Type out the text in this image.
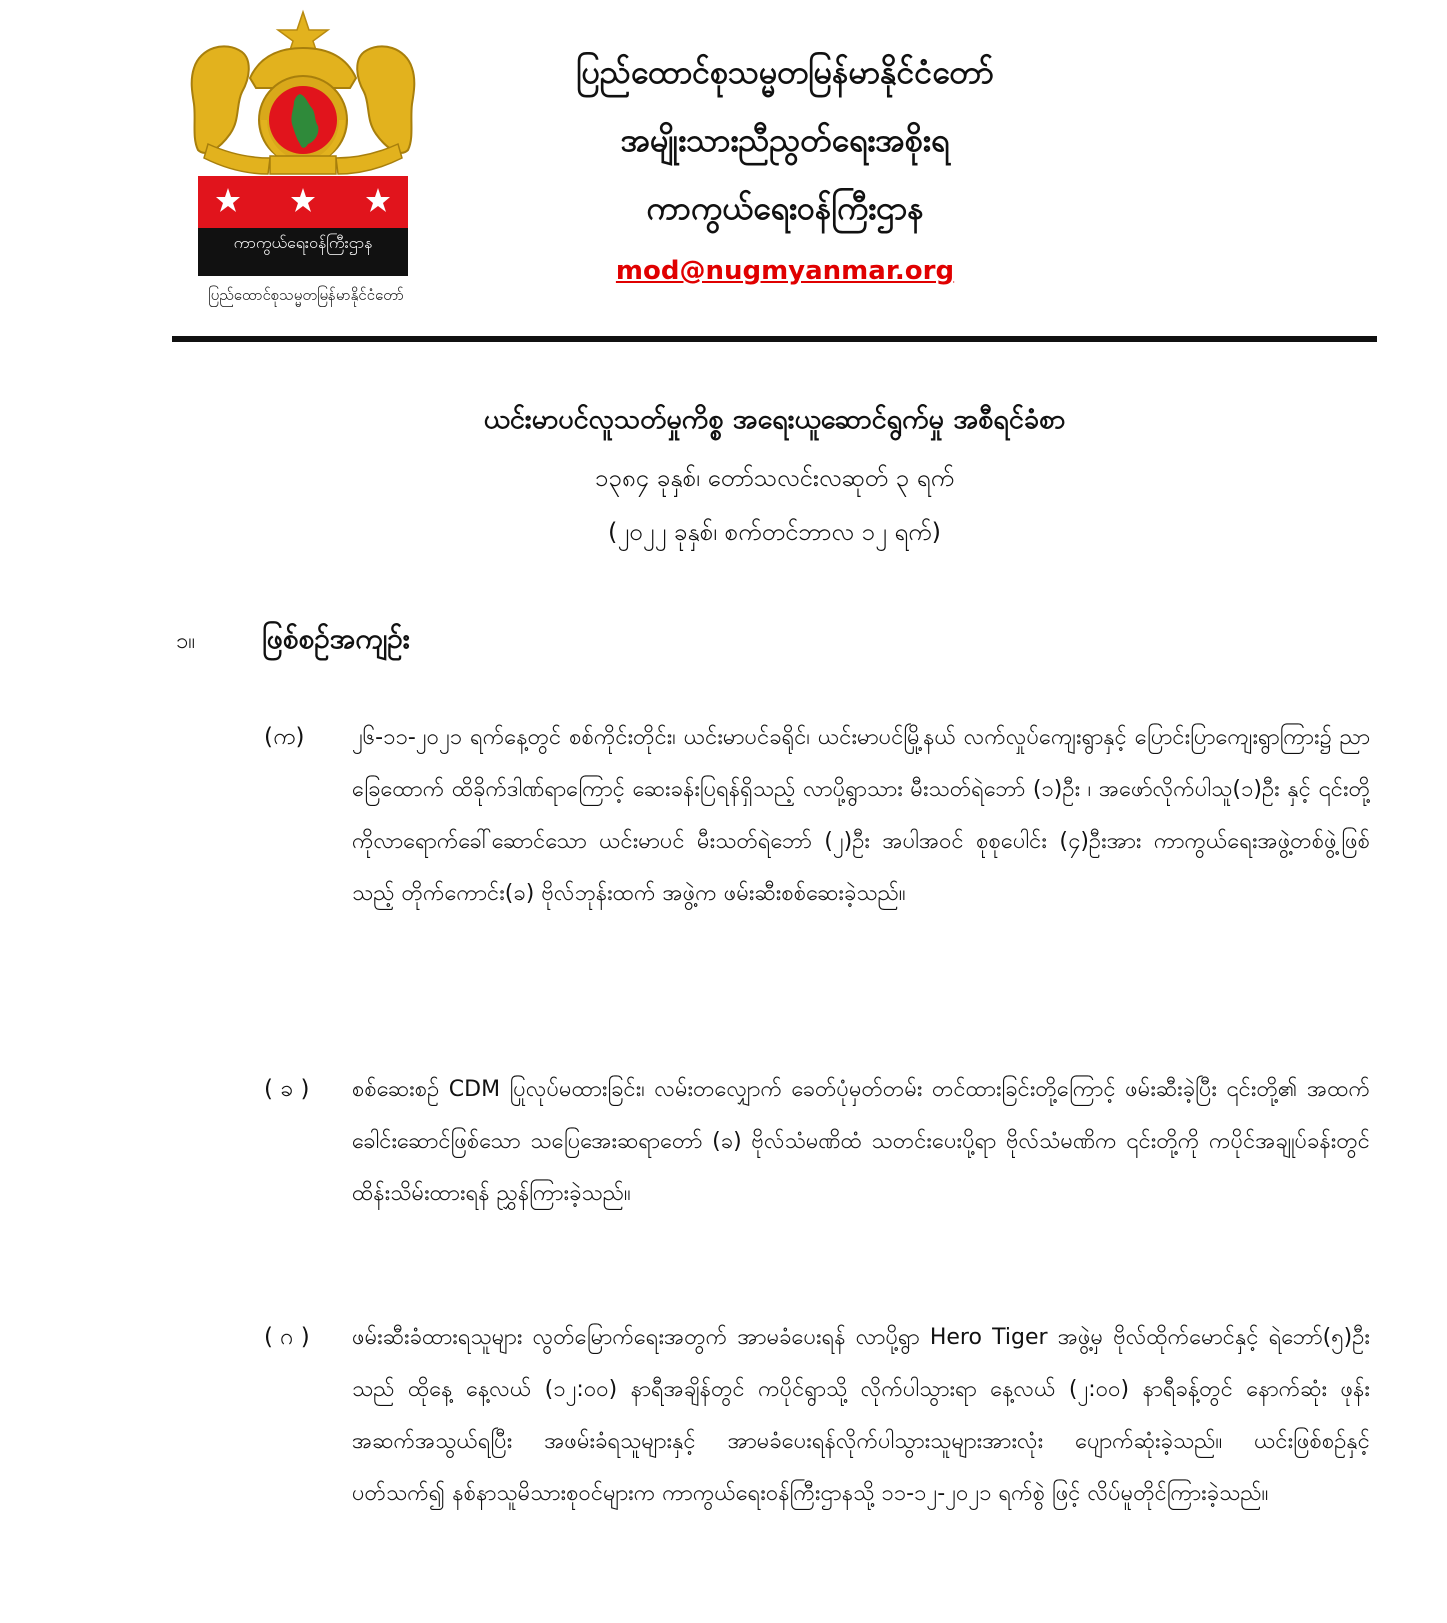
ကာကွယ်ရေးဝန်ကြီးဌာန
ပြည်ထောင်စုသမ္မတမြန်မာနိုင်ငံတော်
ပြည်ထောင်စုသမ္မတမြန်မာနိုင်ငံတော်
အမျိုးသားညီညွတ်ရေးအစိုးရ
ကာကွယ်ရေးဝန်ကြီးဌာန
mod@nugmyanmar.org
ယင်းမာပင်လူသတ်မှုကိစ္စ အရေးယူဆောင်ရွက်မှု အစီရင်ခံစာ
၁၃၈၄ ခုနှစ်၊ တော်သလင်းလဆုတ် ၃ ရက်
(၂၀၂၂ ခုနှစ်၊ စက်တင်ဘာလ ၁၂ ရက်)
၁။ ဖြစ်စဉ်အကျဉ်း
(က) ၂၆-၁၁-၂၀၂၁ ရက်နေ့တွင် စစ်ကိုင်းတိုင်း၊ ယင်းမာပင်ခရိုင်၊ ယင်းမာပင်မြို့နယ် လက်လှုပ်ကျေးရွာနှင့် ပြောင်းပြာကျေးရွာကြား၌ ညာခြေထောက် ထိခိုက်ဒါဏ်ရာကြောင့် ဆေးခန်းပြရန်ရှိသည့် လာပို့ရွာသား မီးသတ်ရဲဘော် (၁)ဦး ၊ အဖော်လိုက်ပါသူ(၁)ဦး နှင့် ၎င်းတို့ကိုလာရောက်ခေါ်ဆောင်သော ယင်းမာပင် မီးသတ်ရဲဘော် (၂)ဦး အပါအဝင် စုစုပေါင်း (၄)ဦးအား ကာကွယ်ရေးအဖွဲ့တစ်ဖွဲ့ဖြစ်သည့် တိုက်ကောင်း(ခ) ဗိုလ်ဘုန်းထက် အဖွဲ့က ဖမ်းဆီးစစ်ဆေးခဲ့သည်။
( ခ ) စစ်ဆေးစဉ် CDM ပြုလုပ်မထားခြင်း၊ လမ်းတလျှောက် ခေတ်ပုံမှတ်တမ်း တင်ထားခြင်းတို့ကြောင့် ဖမ်းဆီးခဲ့ပြီး ၎င်းတို့၏ အထက်ခေါင်းဆောင်ဖြစ်သော သပြေအေးဆရာတော် (ခ) ဗိုလ်သံမဏိထံ သတင်းပေးပို့ရာ ဗိုလ်သံမဏိက ၎င်းတို့ကို ကပိုင်အချုပ်ခန်းတွင် ထိန်းသိမ်းထားရန် ညွှန်ကြားခဲ့သည်။
( ဂ ) ဖမ်းဆီးခံထားရသူများ လွတ်မြောက်ရေးအတွက် အာမခံပေးရန် လာပို့ရွာ Hero Tiger အဖွဲ့မှ ဗိုလ်ထိုက်မောင်နှင့် ရဲဘော်(၅)ဦးသည် ထိုနေ့ နေ့လယ် (၁၂:၀၀) နာရီအချိန်တွင် ကပိုင်ရွာသို့ လိုက်ပါသွားရာ နေ့လယ် (၂:၀၀) နာရီခန့်တွင် နောက်ဆုံး ဖုန်းအဆက်အသွယ်ရပြီး အဖမ်းခံရသူများနှင့် အာမခံပေးရန်လိုက်ပါသွားသူများအားလုံး ပျောက်ဆုံးခဲ့သည်။ ယင်းဖြစ်စဉ်နှင့် ပတ်သက်၍ နစ်နာသူမိသားစုဝင်များက ကာကွယ်ရေးဝန်ကြီးဌာနသို့ ၁၁-၁၂-၂၀၂၁ ရက်စွဲ ဖြင့် လိပ်မူတိုင်ကြားခဲ့သည်။
